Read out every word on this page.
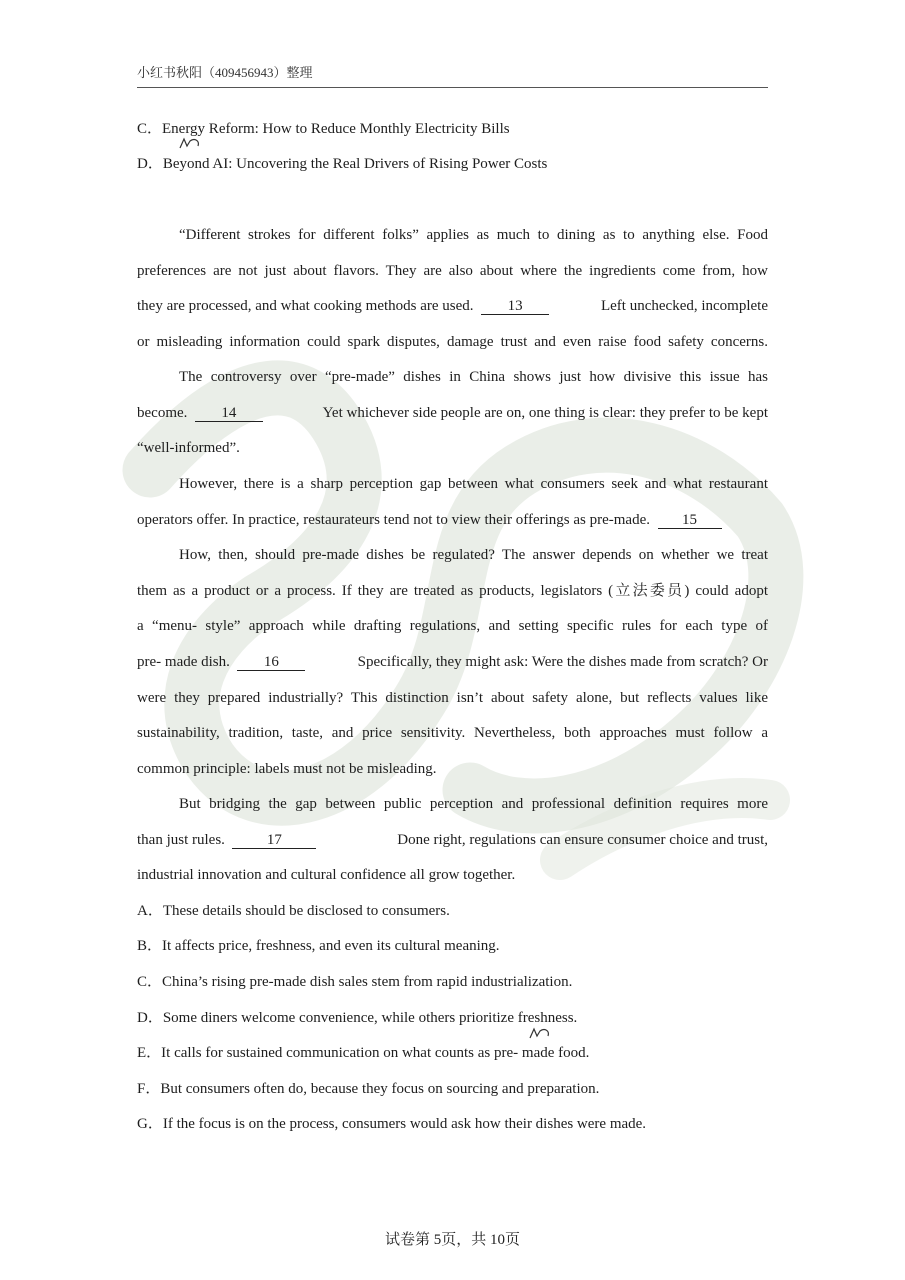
小红书秋阳（409456943）整理
C．Energy Reform: How to Reduce Monthly Electricity Bills
D．Beyond AI: Uncovering the Real Drivers of Rising Power Costs
“Different strokes for different folks” applies as much to dining as to anything else. Food
preferences are not just about flavors. They are also about where the ingredients come from, how
they are processed, and what cooking methods are used. 13	Left unchecked, incomplete
or misleading information could spark disputes, damage trust and even raise food safety concerns.
The controversy over “pre-made” dishes in China shows just how divisive this issue has
become. 14	Yet whichever side people are on, one thing is clear: they prefer to be kept
“well-informed”.
However, there is a sharp perception gap between what consumers seek and what restaurant
operators offer. In practice, restaurateurs tend not to view their offerings as pre-made. 15
How, then, should pre-made dishes be regulated? The answer depends on whether we treat
them as a product or a process. If they are treated as products, legislators (立法委员) could adopt
a “menu- style” approach while drafting regulations, and setting specific rules for each type of
pre- made dish. 16	Specifically, they might ask: Were the dishes made from scratch? Or
were they prepared industrially? This distinction isn’t about safety alone, but reflects values like
sustainability, tradition, taste, and price sensitivity. Nevertheless, both approaches must follow a
common principle: labels must not be misleading.
But bridging the gap between public perception and professional definition requires more
than just rules.	17	Done right, regulations can ensure consumer choice and trust,
industrial innovation and cultural confidence all grow together.
A．These details should be disclosed to consumers.
B．It affects price, freshness, and even its cultural meaning.
C．China’s rising pre-made dish sales stem from rapid industrialization.
D．Some diners welcome convenience, while others prioritize freshness.
E．It calls for sustained communication on what counts as pre- made food.
F．But consumers often do, because they focus on sourcing and preparation.
G．If the focus is on the process, consumers would ask how their dishes were made.
试卷第 5页，共 10页
